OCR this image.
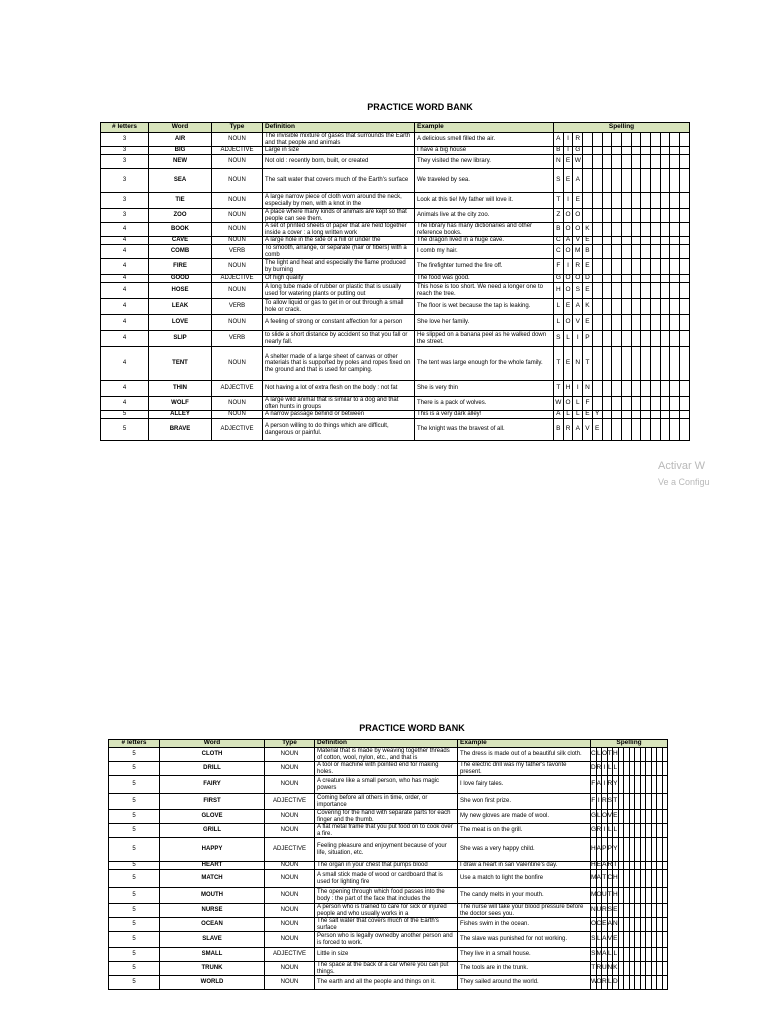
PRACTICE WORD BANK
# letters	Word	Type	Definition	Example	Spelling													
3	AIR	NOUN	The invisible mixture of gases that surrounds the Earth and that people and animals	A delicious smell filled the air.	A	I	R											
3	BIG	ADJECTIVE	Large in size	I have a big house	B	I	G											
3	NEW	NOUN	Not old : recently born, built, or created	They visited the new library.	N	E	W											
3	SEA	NOUN	The salt water that covers much of the Earth's surface	We traveled by sea.	S	E	A											
3	TIE	NOUN	A large narrow piece of cloth worn around the neck, especially by men, with a knot in the	Look at this tie! My father will love it.	T	I	E											
3	ZOO	NOUN	A place where many kinds of animals are kept so that people can see them.	Animals live at the city zoo.	Z	O	O											
4	BOOK	NOUN	A set of printed sheets of paper that are held together inside a cover : a long written work	The library has many dictionaries and other reference books.	B	O	O	K										
4	CAVE	NOUN	A large hole in the side of a hill or under the	The dragon lived in a huge cave.	C	A	V	E										
4	COMB	VERB	To smooth, arrange, or separate (hair or fibers) with a comb	I comb my hair.	C	O	M	B										
4	FIRE	NOUN	The light and heat and especially the flame produced by burning	The firefighter turned the fire off.	F	I	R	E										
4	GOOD	ADJECTIVE	Of high quality	The food was good.	G	O	O	D										
4	HOSE	NOUN	A long tube made of rubber or plastic that is usually used for watering plants or putting out	This hose is too short. We need a longer one to reach the tree.	H	O	S	E										
4	LEAK	VERB	To allow liquid or gas to get in or out through a small hole or crack.	The floor is wet because the tap is leaking.	L	E	A	K										
4	LOVE	NOUN	A feeling of strong or constant affection for a person	She love her family.	L	O	V	E										
4	SLIP	VERB	to slide a short distance by accident so that you fall or nearly fall.	He slipped on a banana peel as he walked down the street.	S	L	I	P										
4	TENT	NOUN	A shelter made of a large sheet of canvas or other materials that is supported by poles and ropes fixed on the ground and that is used for camping.	The tent was large enough for the whole family.	T	E	N	T										
4	THIN	ADJECTIVE	Not having a lot of extra flesh on the body : not fat	She is very thin	T	H	I	N										
4	WOLF	NOUN	A large wild animal that is similar to a dog and that often hunts in groups	There is a pack of wolves.	W	O	L	F										
5	ALLEY	NOUN	A narrow passage behind or between	This is a very dark alley!	A	L	L	E	Y									
5	BRAVE	ADJECTIVE	A person willing to do things which are difficult, dangerous or painful.	The knight was the bravest of all.	B	R	A	V	E									
PRACTICE WORD BANK
# letters	Word	Type	Definition	Example	Spelling													
5	CLOTH	NOUN	Material that is made by weaving together threads of cotton, wool, nylon, etc., and that is	The dress is made out of a beautiful silk cloth.	C	L	O	T	H									
5	DRILL	NOUN	A tool or machine with pointed end for making holes.	The electric drill was my father's favorite present.	D	R	I	L	L									
5	FAIRY	NOUN	A creature like a small person, who has magic powers	I love fairy tales.	F	A	I	R	Y									
5	FIRST	ADJECTIVE	Coming before all others in time, order, or importance	She won first prize.	F	I	R	S	T									
5	GLOVE	NOUN	Covering for the hand with separate parts for each finger and the thumb.	My new gloves are made of wool.	G	L	O	V	E									
5	GRILL	NOUN	A flat metal frame that you put food on to cook over a fire.	The meat is on the grill.	G	R	I	L	L									
5	HAPPY	ADJECTIVE	Feeling pleasure and enjoyment because of your life, situation, etc.	She was a very happy child.	H	A	P	P	Y									
5	HEART	NOUN	The organ in your chest that pumps blood	I draw a heart in san Valentine's day.	H	E	A	R	T									
5	MATCH	NOUN	A small stick made of wood or cardboard that is used for lighting fire	Use a match to light the bonfire	M	A	T	C	H									
5	MOUTH	NOUN	The opening through which food passes into the body : the part of the face that includes the	The candy melts in your mouth.	M	O	U	T	H									
5	NURSE	NOUN	A person who is trained to care for sick or injured people and who usually works in a	The nurse will take your blood pressure before the doctor sees you.	N	U	R	S	E									
5	OCEAN	NOUN	The salt water that covers much of the Earth's surface	Fishes swim in the ocean.	O	C	E	A	N									
5	SLAVE	NOUN	Person who is legally ownedby another person and is forced to work.	The slave was punished for not working.	S	L	A	V	E									
5	SMALL	ADJECTIVE	Little in size	They live in a small house.	S	M	A	L	L									
5	TRUNK	NOUN	The space at the back of a car where you can put things.	The tools are in the trunk.	T	R	U	N	K									
5	WORLD	NOUN	The earth and all the people and things on it.	They sailed around the world.	W	O	R	L	D									
Activar W
Ve a Configu
